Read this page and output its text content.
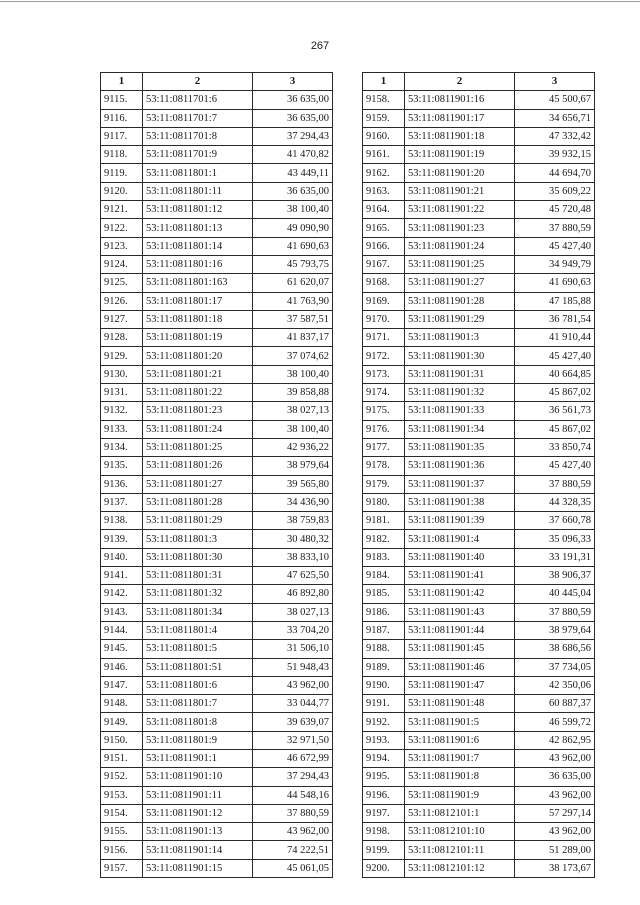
267
1	2	3
9115.	53:11:0811701:6	36 635,00
9116.	53:11:0811701:7	36 635,00
9117.	53:11:0811701:8	37 294,43
9118.	53:11:0811701:9	41 470,82
9119.	53:11:0811801:1	43 449,11
9120.	53:11:0811801:11	36 635,00
9121.	53:11:0811801:12	38 100,40
9122.	53:11:0811801:13	49 090,90
9123.	53:11:0811801:14	41 690,63
9124.	53:11:0811801:16	45 793,75
9125.	53:11:0811801:163	61 620,07
9126.	53:11:0811801:17	41 763,90
9127.	53:11:0811801:18	37 587,51
9128.	53:11:0811801:19	41 837,17
9129.	53:11:0811801:20	37 074,62
9130.	53:11:0811801:21	38 100,40
9131.	53:11:0811801:22	39 858,88
9132.	53:11:0811801:23	38 027,13
9133.	53:11:0811801:24	38 100,40
9134.	53:11:0811801:25	42 936,22
9135.	53:11:0811801:26	38 979,64
9136.	53:11:0811801:27	39 565,80
9137.	53:11:0811801:28	34 436,90
9138.	53:11:0811801:29	38 759,83
9139.	53:11:0811801:3	30 480,32
9140.	53:11:0811801:30	38 833,10
9141.	53:11:0811801:31	47 625,50
9142.	53:11:0811801:32	46 892,80
9143.	53:11:0811801:34	38 027,13
9144.	53:11:0811801:4	33 704,20
9145.	53:11:0811801:5	31 506,10
9146.	53:11:0811801:51	51 948,43
9147.	53:11:0811801:6	43 962,00
9148.	53:11:0811801:7	33 044,77
9149.	53:11:0811801:8	39 639,07
9150.	53:11:0811801:9	32 971,50
9151.	53:11:0811901:1	46 672,99
9152.	53:11:0811901:10	37 294,43
9153.	53:11:0811901:11	44 548,16
9154.	53:11:0811901:12	37 880,59
9155.	53:11:0811901:13	43 962,00
9156.	53:11:0811901:14	74 222,51
9157.	53:11:0811901:15	45 061,05
1	2	3
9158.	53:11:0811901:16	45 500,67
9159.	53:11:0811901:17	34 656,71
9160.	53:11:0811901:18	47 332,42
9161.	53:11:0811901:19	39 932,15
9162.	53:11:0811901:20	44 694,70
9163.	53:11:0811901:21	35 609,22
9164.	53:11:0811901:22	45 720,48
9165.	53:11:0811901:23	37 880,59
9166.	53:11:0811901:24	45 427,40
9167.	53:11:0811901:25	34 949,79
9168.	53:11:0811901:27	41 690,63
9169.	53:11:0811901:28	47 185,88
9170.	53:11:0811901:29	36 781,54
9171.	53:11:0811901:3	41 910,44
9172.	53:11:0811901:30	45 427,40
9173.	53:11:0811901:31	40 664,85
9174.	53:11:0811901:32	45 867,02
9175.	53:11:0811901:33	36 561,73
9176.	53:11:0811901:34	45 867,02
9177.	53:11:0811901:35	33 850,74
9178.	53:11:0811901:36	45 427,40
9179.	53:11:0811901:37	37 880,59
9180.	53:11:0811901:38	44 328,35
9181.	53:11:0811901:39	37 660,78
9182.	53:11:0811901:4	35 096,33
9183.	53:11:0811901:40	33 191,31
9184.	53:11:0811901:41	38 906,37
9185.	53:11:0811901:42	40 445,04
9186.	53:11:0811901:43	37 880,59
9187.	53:11:0811901:44	38 979,64
9188.	53:11:0811901:45	38 686,56
9189.	53:11:0811901:46	37 734,05
9190.	53:11:0811901:47	42 350,06
9191.	53:11:0811901:48	60 887,37
9192.	53:11:0811901:5	46 599,72
9193.	53:11:0811901:6	42 862,95
9194.	53:11:0811901:7	43 962,00
9195.	53:11:0811901:8	36 635,00
9196.	53:11:0811901:9	43 962,00
9197.	53:11:0812101:1	57 297,14
9198.	53:11:0812101:10	43 962,00
9199.	53:11:0812101:11	51 289,00
9200.	53:11:0812101:12	38 173,67
